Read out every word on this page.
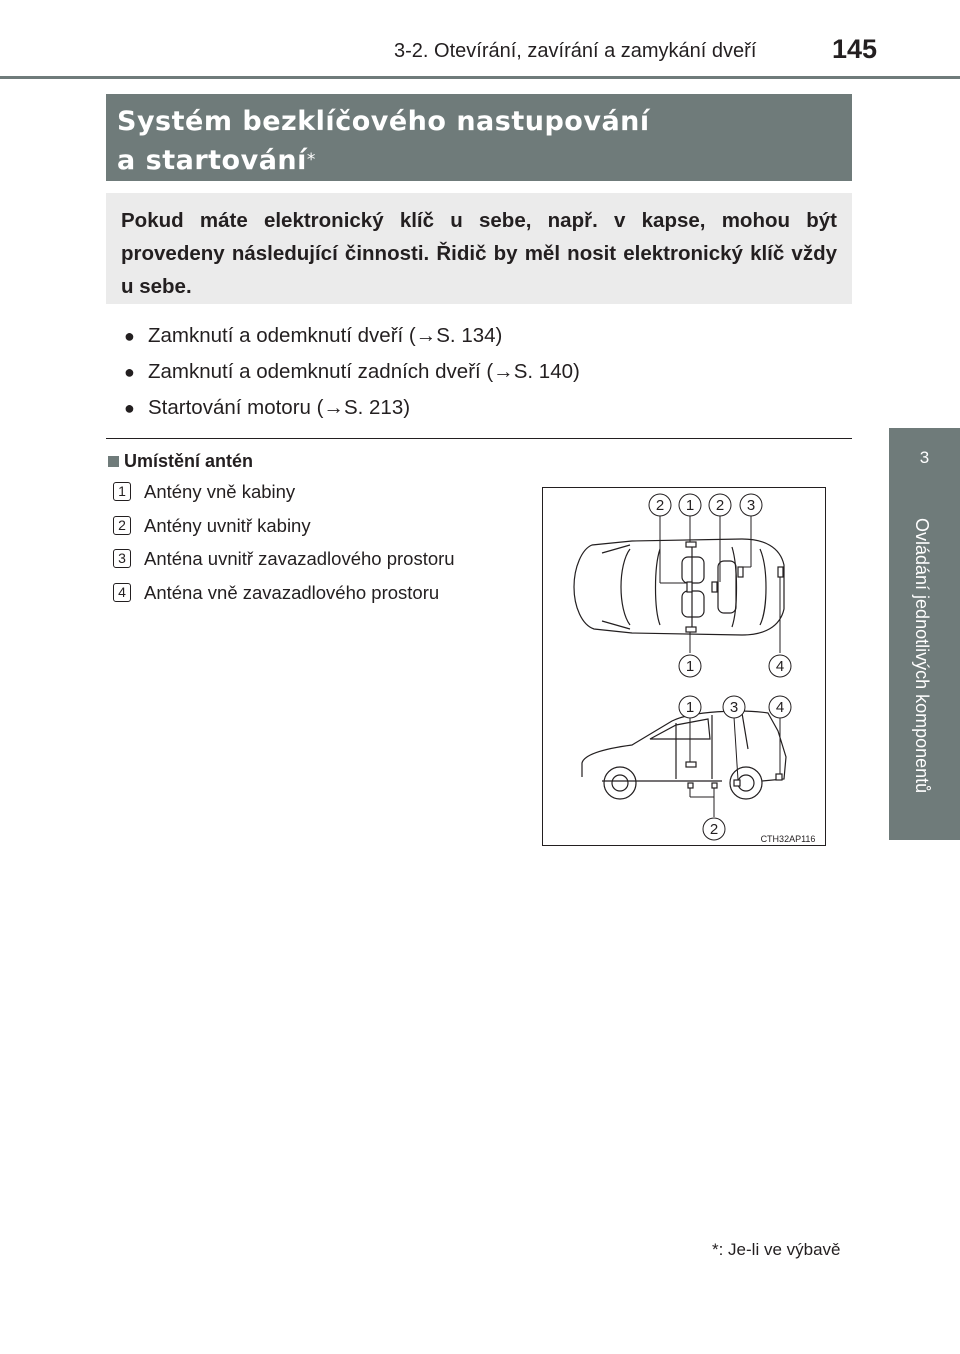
3-2. Otevírání, zavírání a zamykání dveří	145
3
Ovládání jednotlivých komponentů
Systém bezklíčového nastupování
a startování*
Pokud máte elektronický klíč u sebe, např. v kapse, mohou být provedeny následující činnosti. Řidič by měl nosit elektronický klíč vždy u sebe.
● Zamknutí a odemknutí dveří (→S. 134)
● Zamknutí a odemknutí zadních dveří (→S. 140)
● Startování motoru (→S. 213)
Umístění antén
1 Antény vně kabiny
2 Antény uvnitř kabiny
3 Anténa uvnitř zavazadlového prostoru
4 Anténa vně zavazadlového prostoru
2 1 2 3
1	4
1 3	4
2
CTH32AP116
*: Je-li ve výbavě
